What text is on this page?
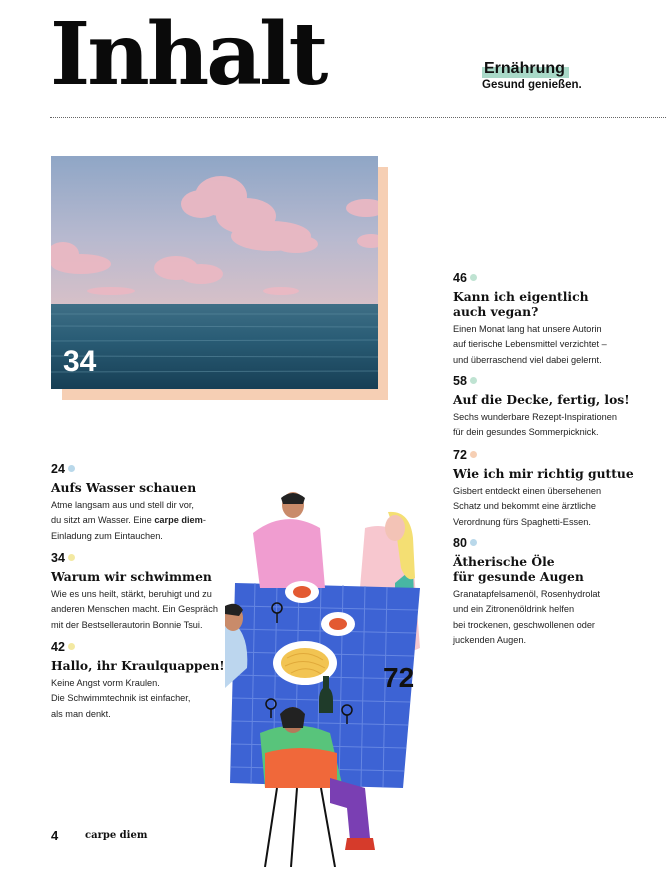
Inhalt	Ernährung
Gesund genießen.
34
24
Aufs Wasser schauen
Atme langsam aus und stell dir vor,
du sitzt am Wasser. Eine carpe diem-
Einladung zum Eintauchen.
34
Warum wir schwimmen
Wie es uns heilt, stärkt, beruhigt und zu
anderen Menschen macht. Ein Gespräch
mit der Bestsellerautorin Bonnie Tsui.
42
Hallo, ihr Kraulquappen!
Keine Angst vorm Kraulen.
Die Schwimmtechnik ist einfacher,
als man denkt.
46
Kann ich eigentlich
auch vegan?
Einen Monat lang hat unsere Autorin
auf tierische Lebensmittel verzichtet –
und überraschend viel dabei gelernt.
58
Auf die Decke, fertig, los!
Sechs wunderbare Rezept-Inspirationen
für dein gesundes Sommerpicknick.
72
Wie ich mir richtig guttue
Gisbert entdeckt einen übersehenen
Schatz und bekommt eine ärztliche
Verordnung fürs Spaghetti-Essen.
80
Ätherische Öle
für gesunde Augen
Granatapfelsamenöl, Rosenhydrolat
und ein Zitronenöldrink helfen
bei trockenen, geschwollenen oder
juckenden Augen.
72
4	carpe diem
